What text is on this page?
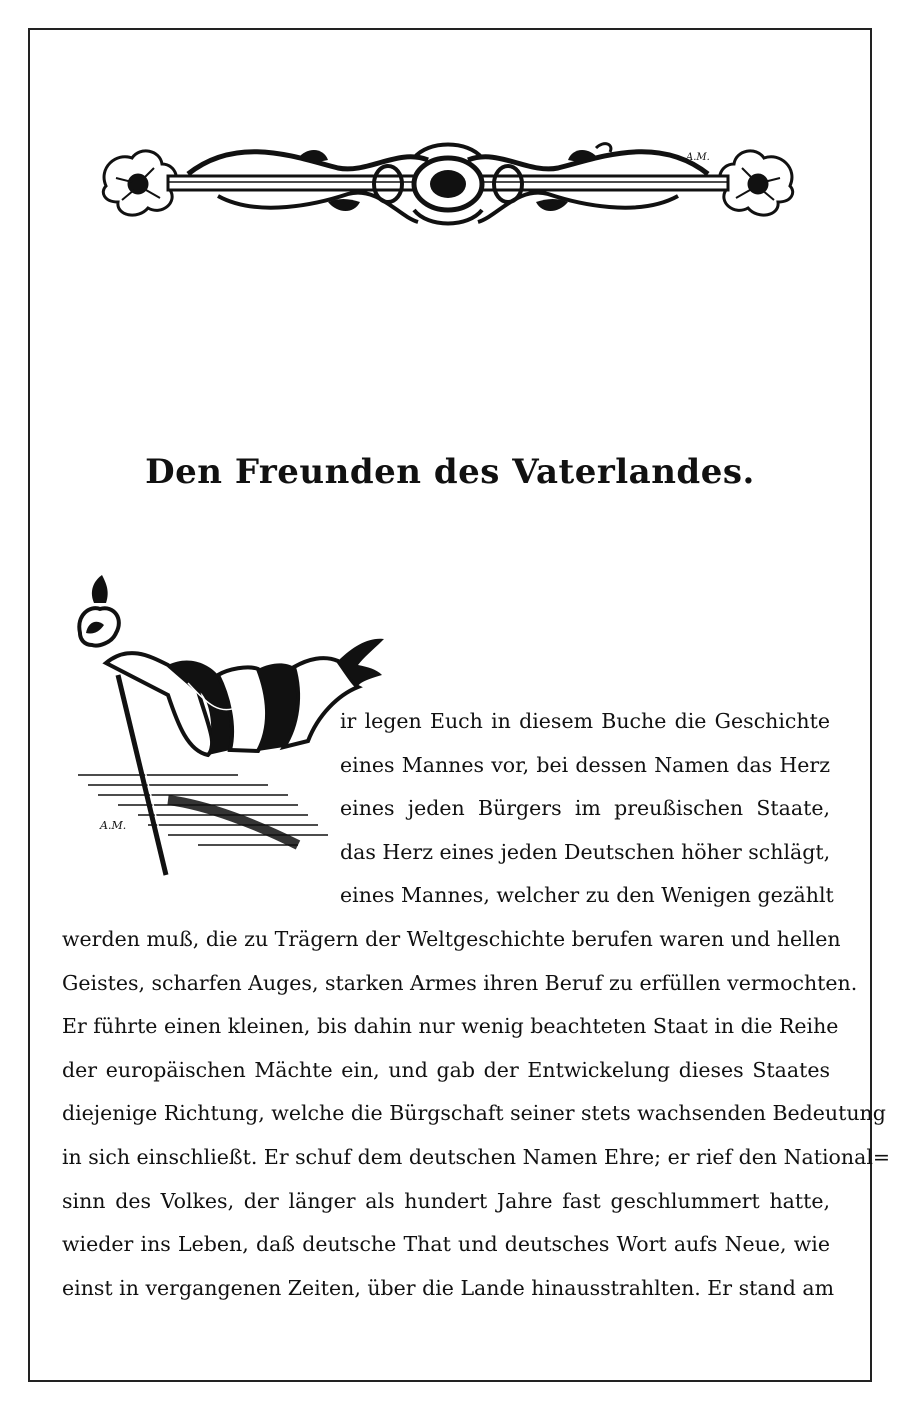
A.M.
Den Freunden des Vaterlandes.
A.M.
ir legen Euch in diesem Buche die Geschichte
eines Mannes vor, bei dessen Namen das Herz
eines jeden Bürgers im preußischen Staate,
das Herz eines jeden Deutschen höher schlägt,
eines Mannes, welcher zu den Wenigen gezählt
werden muß, die zu Trägern der Weltgeschichte berufen waren und hellen
Geistes, scharfen Auges, starken Armes ihren Beruf zu erfüllen vermochten.
Er führte einen kleinen, bis dahin nur wenig beachteten Staat in die Reihe
der europäischen Mächte ein, und gab der Entwickelung dieses Staates
diejenige Richtung, welche die Bürgschaft seiner stets wachsenden Bedeutung
in sich einschließt. Er schuf dem deutschen Namen Ehre; er rief den National=
sinn des Volkes, der länger als hundert Jahre fast geschlummert hatte,
wieder ins Leben, daß deutsche That und deutsches Wort aufs Neue, wie
einst in vergangenen Zeiten, über die Lande hinausstrahlten. Er stand am
